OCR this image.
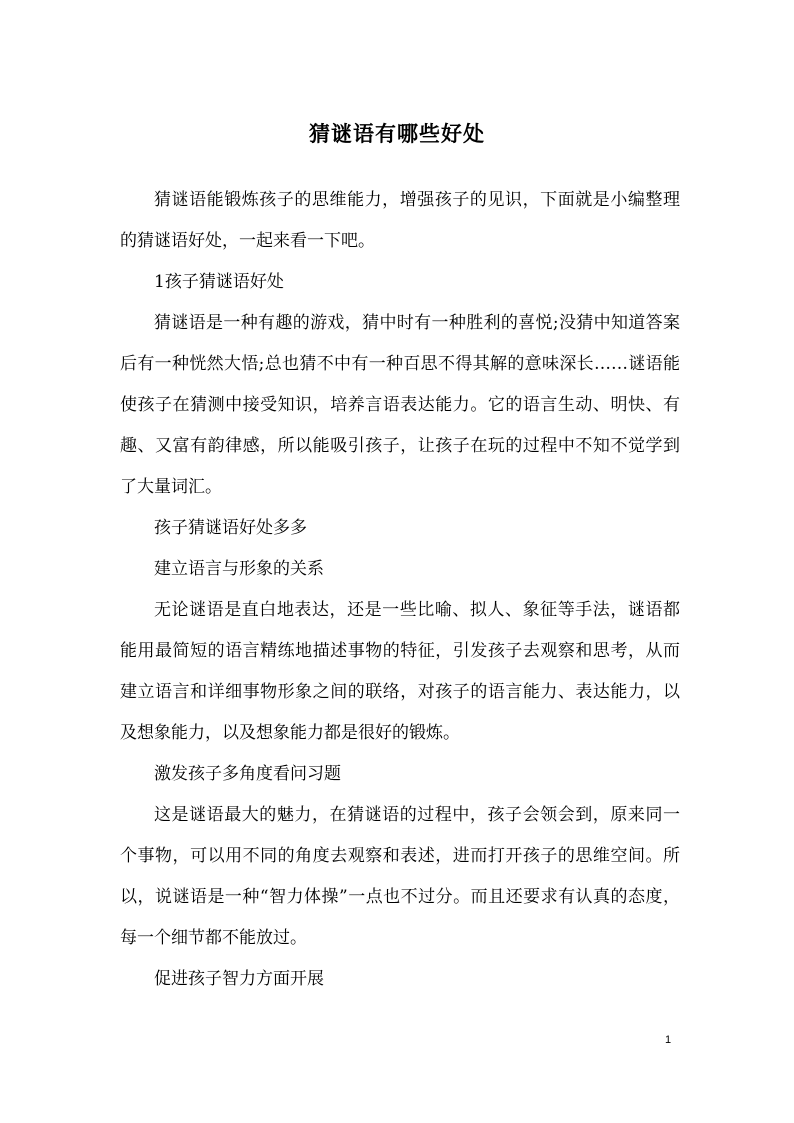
猜谜语有哪些好处

猜谜语能锻炼孩子的思维能力，增强孩子的见识，下面就是小编整理的猜谜语好处，一起来看一下吧。

1孩子猜谜语好处

猜谜语是一种有趣的游戏，猜中时有一种胜利的喜悦;没猜中知道答案后有一种恍然大悟;总也猜不中有一种百思不得其解的意味深长……谜语能使孩子在猜测中接受知识，培养言语表达能力。它的语言生动、明快、有趣、又富有韵律感，所以能吸引孩子，让孩子在玩的过程中不知不觉学到了大量词汇。

孩子猜谜语好处多多

建立语言与形象的关系

无论谜语是直白地表达，还是一些比喻、拟人、象征等手法，谜语都能用最简短的语言精练地描述事物的特征，引发孩子去观察和思考，从而建立语言和详细事物形象之间的联络，对孩子的语言能力、表达能力，以及想象能力，以及想象能力都是很好的锻炼。

激发孩子多角度看问习题

这是谜语最大的魅力，在猜谜语的过程中，孩子会领会到，原来同一个事物，可以用不同的角度去观察和表述，进而打开孩子的思维空间。所以，说谜语是一种“智力体操”一点也不过分。而且还要求有认真的态度，每一个细节都不能放过。

促进孩子智力方面开展

1
